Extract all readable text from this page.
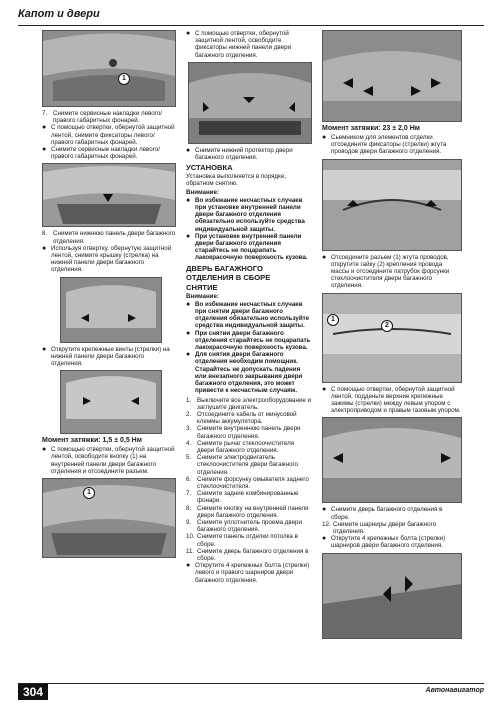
Капот и двери
1
7. Снимите сервисные накладки левого/правого габаритных фонарей.
● С помощью отвертки, обернутой защитной лентой, снимите фиксаторы левого/правого габаритных фонарей.
● Снимите сервисные накладки левого/правого габаритных фонарей.
8. Снимите нижнюю панель двери багажного отделения.
● Используя отвертку, обернутую защитной лентой, снимите крышку (стрелка) на нижней панели двери багажного отделения.
● Открутите крепежные винты (стрелки) на нижней панели двери багажного отделения.
Момент затяжки: 1,5 ± 0,5 Нм
● С помощью отвертки, обернутой защитной лентой, освободите кнопку (1) на внутренней панели двери багажного отделения и отсоедините разъем.
1
● С помощью отвертки, обернутой защитной лентой, освободите фиксаторы нижней панели двери багажного отделения.
● Снимите нижний протектор двери багажного отделения.
УСТАНОВКА
Установка выполняется в порядке, обратном снятию.
Внимание:
● Во избежание несчастных случаев при установке внутренней панели двери багажного отделения обязательно используйте средства индивидуальной защиты.
● При установке внутренней панели двери багажного отделения старайтесь не поцарапать лакокрасочную поверхность кузова.
ДВЕРЬ БАГАЖНОГО ОТДЕЛЕНИЯ В СБОРЕ
СНЯТИЕ
Внимание:
● Во избежание несчастных случаев при снятии двери багажного отделения обязательно используйте средства индивидуальной защиты.
● При снятии двери багажного отделения старайтесь не поцарапать лакокрасочную поверхность кузова.
● Для снятия двери багажного отделения необходим помощник. Старайтесь не допускать падения или внезапного закрывания двери багажного отделения, это может привести к несчастным случаям.
1. Выключите все электрооборудование и заглушите двигатель.
2. Отсоедините кабель от минусовой клеммы аккумулятора.
3. Снимите внутреннюю панель двери багажного отделения.
4. Снимите рычаг стеклоочистителя двери багажного отделения.
5. Снимите электродвигатель стеклоочистителя двери багажного отделения.
6. Снимите форсунку омывателя заднего стеклоочистителя.
7. Снимите задние комбинированные фонари.
8. Снимите кнопку на внутренней панели двери багажного отделения.
9. Снимите уплотнитель проема двери багажного отделения.
10. Снимите панель отделки потолка в сборе.
11. Снимите дверь багажного отделения в сборе.
● Открутите 4 крепежных болта (стрелки) левого и правого шарниров двери багажного отделения.
Момент затяжки: 23 ± 2,0 Нм
● Сьемником для элементов отделки отсоедините фиксаторы (стрелки) жгута проводов двери багажного отделения.
● Отсоедините разъем (1) жгута проводов, открутите гайку (2) крепления провода массы и отсоедините патрубок форсунки стеклоочистителя двери багажного отделения.
1
2
● С помощью отвертки, обернутой защитной лентой, подденьте верхние крепежные зажимы (стрелки) между левым упором с электроприводом и правым газовым упором.
● Снимите дверь багажного отделения в сборе.
12. Снимите шарниры двери багажного отделения.
● Открутите 4 крепежных болта (стрелки) шарниров двери багажного отделения.
304	Автонавигатор
